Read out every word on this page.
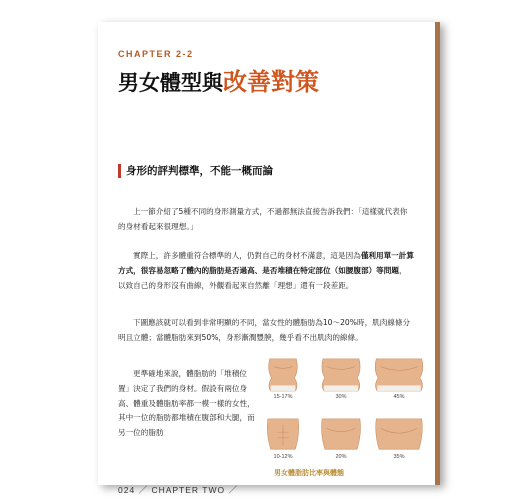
CHAPTER 2-2
男女體型與改善對策
身形的評判標準，不能一概而論

上一節介紹了5種不同的身形測量方式，不過都無法直接告訴我們：「這樣就代表你的身材看起來很理想。」

實際上，許多體重符合標準的人，仍對自己的身材不滿意，這是因為僅利用單一計算方式，很容易忽略了體內的脂肪是否過高、是否堆積在特定部位（如腰腹部）等問題，以致自己的身形沒有曲線，外觀看起來自然離「理想」還有一段差距。

下圖應該就可以看到非常明顯的不同，當女性的體脂肪為10～20%時，肌肉線條分明且立體；當體脂肪來到50%，身形漸潤豐腴，幾乎看不出肌肉的線條。

更準確地來說，體脂肪的「堆積位置」決定了我們的身材。假設有兩位身高、體重及體脂肪率都一模一樣的女性，其中一位的脂肪都堆積在腹部和大腿，而另一位的脂肪

15-17%	30%	45%
10-12%	20%	35%
男女體脂肪比率與體態
024 ／ CHAPTER TWO ／
